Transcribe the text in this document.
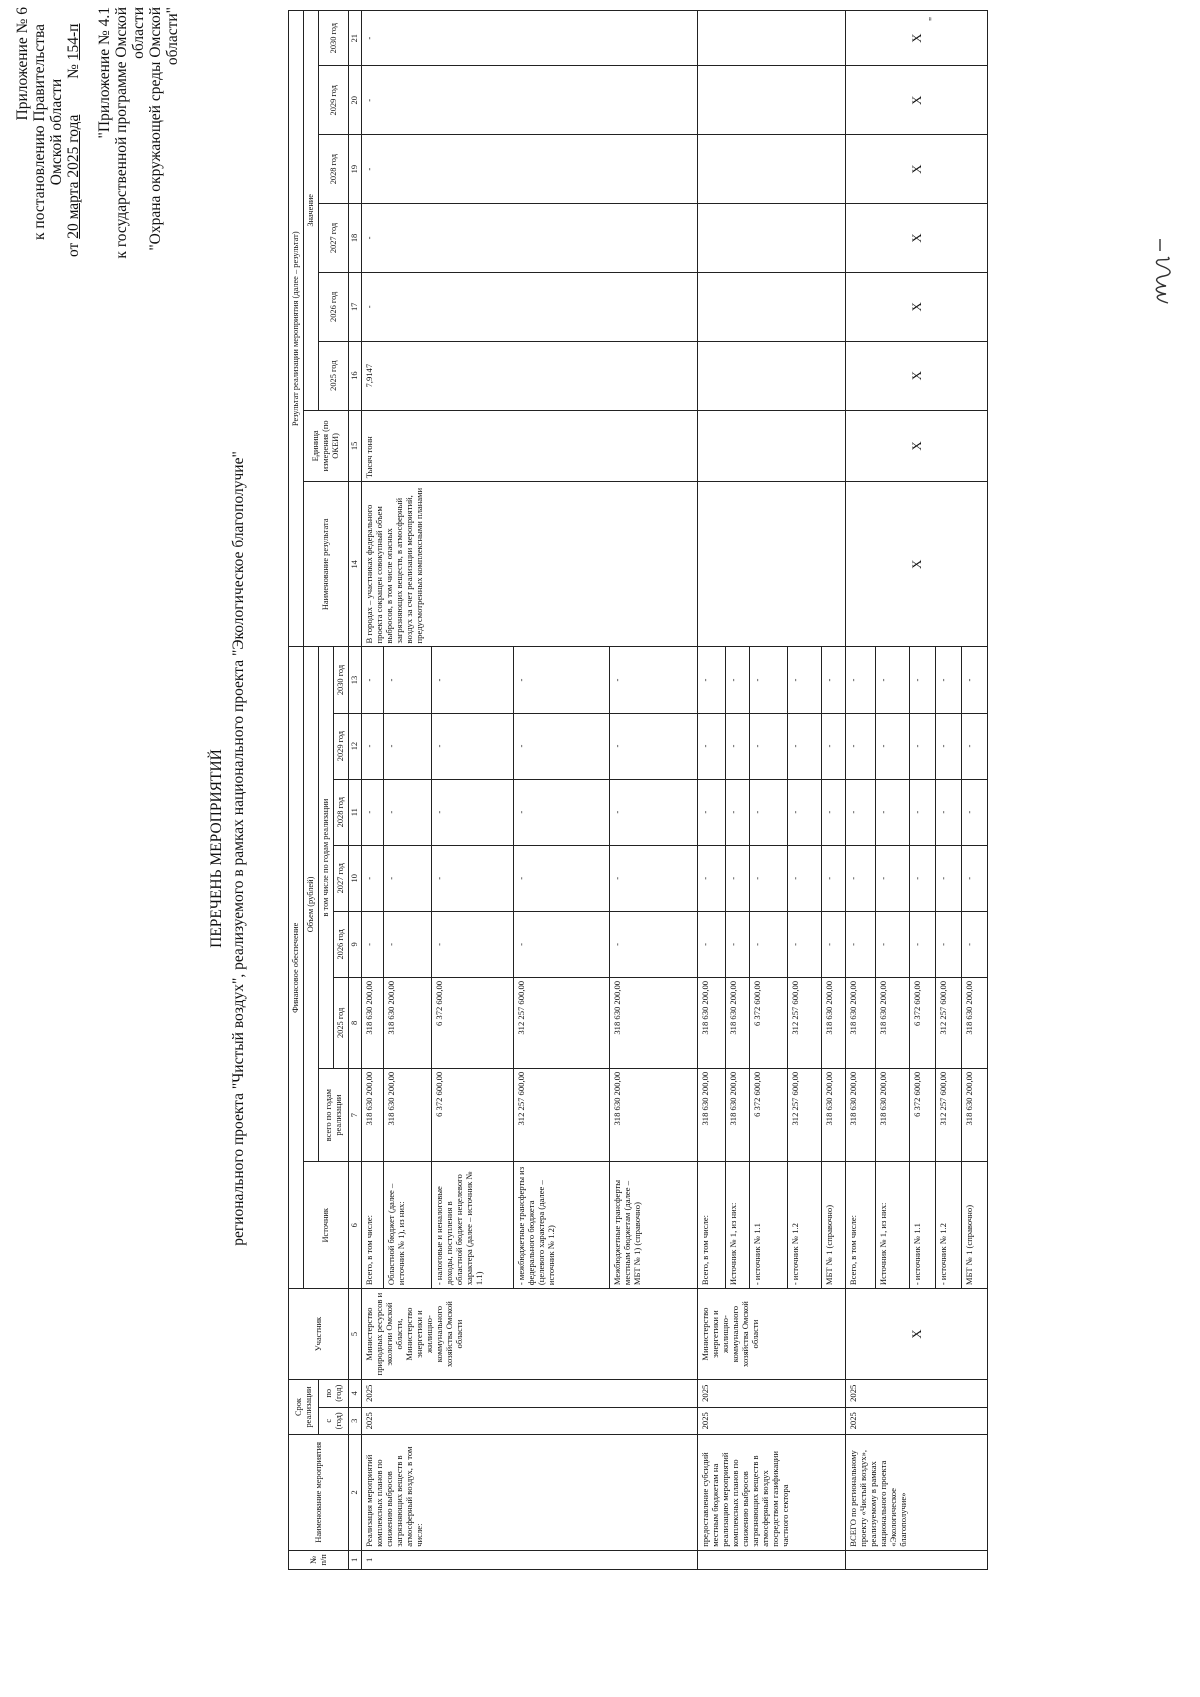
Приложение № 6 к постановлению Правительства Омской области
от 20 марта 2025 года  № 154-п "Приложение № 4.1 к государственной программе Омской области "Охрана окружающей среды Омской области"
ПЕРЕЧЕНЬ МЕРОПРИЯТИЙ регионального проекта "Чистый воздух", реализуемого в рамках национального проекта "Экологическое благополучие"
№ п/п	Наименование мероприятия	Срок реализации		Участник	Финансовое обеспечение								Результат реализации мероприятия (далее – результат)							
					Источник	Объем (рублей)							Наименование результата	Единица измерения (по ОКЕИ)	Значение					
		с (год)	по (год)			всего по годам реализации	в том числе по годам реализации								2025 год	2026 год	2027 год	2028 год	2029 год	2030 год
							2025 год	2026 год	2027 год	2028 год	2029 год	2030 год								
1	2	3	4	5	6	7	8	9	10	11	12	13	14	15	16	17	18	19	20	21
1	Реализация мероприятий комплексных планов по снижению выбросов загрязняющих веществ в атмосферный воздух, в том числе:	2025	2025	Министерство природных ресурсов и экологии Омской области, Министерство энергетики и жилищно-коммунального хозяйства Омской области	Всего, в том числе:	318 630 200,00	318 630 200,00	-	-	-	-	-	В городах – участниках федерального проекта сокращен совокупный объем выбросов, в том числе опасных загрязняющих веществ, в атмосферный воздух за счет реализации мероприятий, предусмотренных комплексными планами	Тысяч тонн	7,9147	-	-	-	-	-
					Областной бюджет (далее – источник № 1), из них:	318 630 200,00	318 630 200,00	-	-	-	-	-								
					- налоговые и неналоговые доходы, поступления в областной бюджет нецелевого характера (далее – источник № 1.1)	6 372 600,00	6 372 600,00	-	-	-	-	-								
					- межбюджетные трансферты из федерального бюджета (целевого характера (далее – источник № 1.2)	312 257 600,00	312 257 600,00	-	-	-	-	-								
					Межбюджетные трансферты местным бюджетам (далее – МБТ № 1) (справочно)	318 630 200,00	318 630 200,00	-	-	-	-	-								
	предоставление субсидий местным бюджетам на реализацию мероприятий комплексных планов по снижению выбросов загрязняющих веществ в атмосферный воздух посредством газификации частного сектора	2025	2025	Министерство энергетики и жилищно-коммунального хозяйства Омской области	Всего, в том числе:	318 630 200,00	318 630 200,00	-	-	-	-	-								
					Источник № 1, из них:	318 630 200,00	318 630 200,00	-	-	-	-	-								
					- источник № 1.1	6 372 600,00	6 372 600,00	-	-	-	-	-								
					- источник № 1.2	312 257 600,00	312 257 600,00	-	-	-	-	-								
					МБТ № 1 (справочно)	318 630 200,00	318 630 200,00	-	-	-	-	-								
	ВСЕГО по региональному проекту «Чистый воздух», реализуемому в рамках национального проекта «Экологическое благополучие»	2025	2025	X	Всего, в том числе:	318 630 200,00	318 630 200,00	-	-	-	-	-	X	X	X	X	X	X	X	X
					Источник № 1, из них:	318 630 200,00	318 630 200,00	-	-	-	-	-								
					- источник № 1.1	6 372 600,00	6 372 600,00	-	-	-	-	-								
					- источник № 1.2	312 257 600,00	312 257 600,00	-	-	-	-	-								
					МБТ № 1 (справочно)	318 630 200,00	318 630 200,00	-	-	-	-	-								
"
